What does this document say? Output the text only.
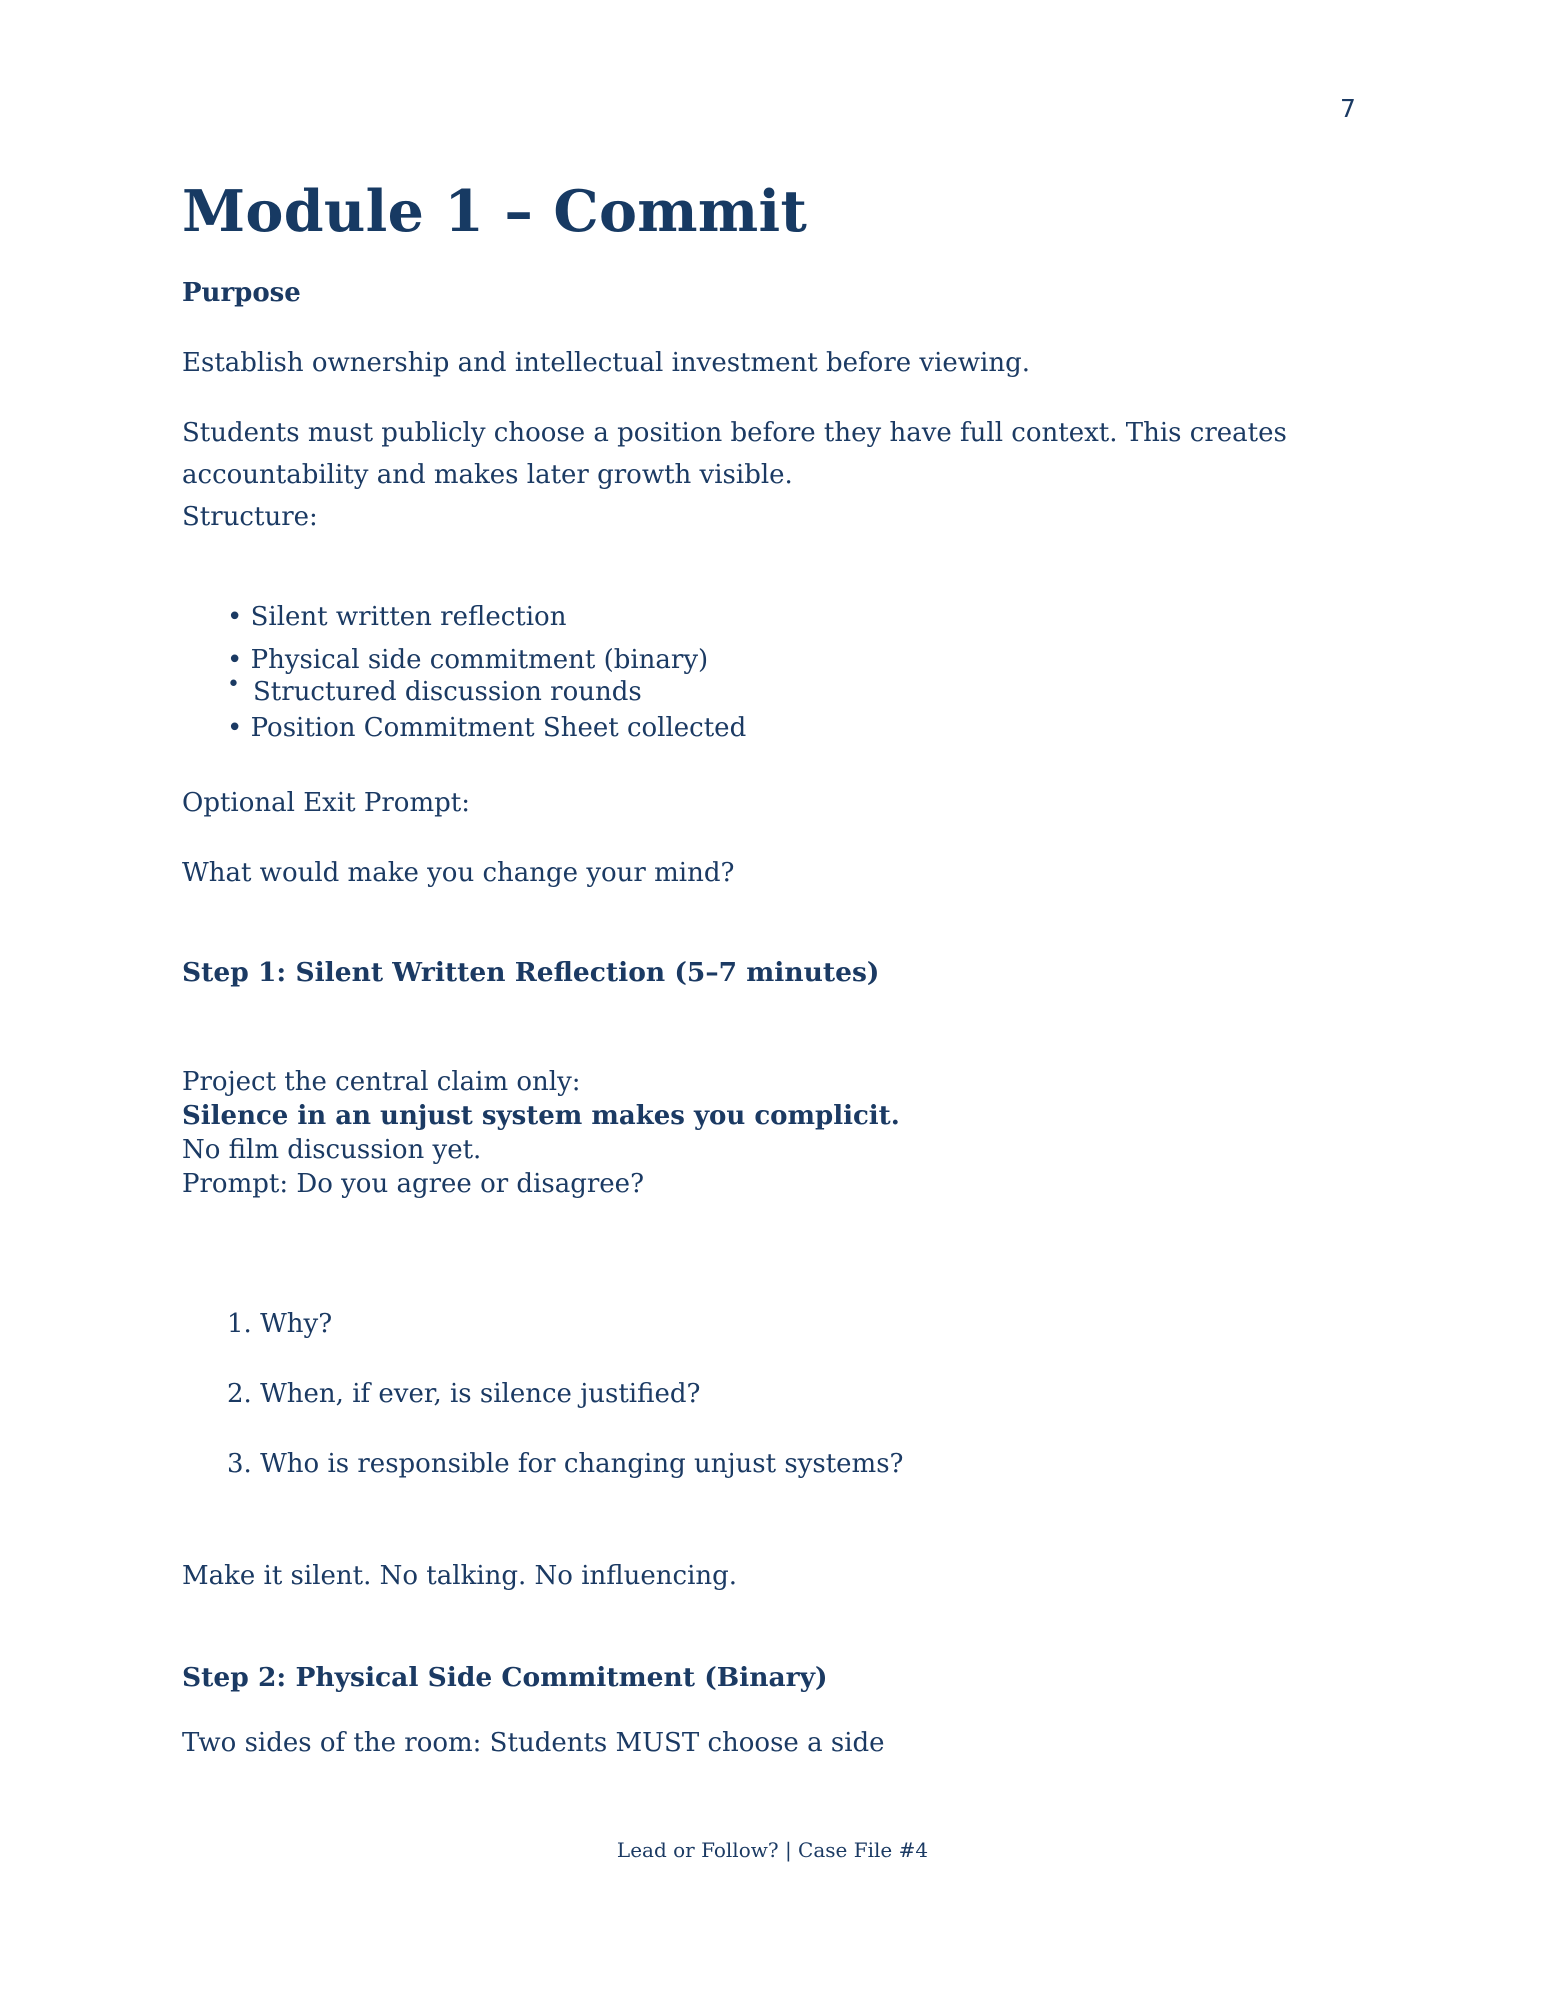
7
Module 1 – Commit
Purpose
Establish ownership and intellectual investment before viewing.
Students must publicly choose a position before they have full context. This creates
accountability and makes later growth visible.
Structure:
• Silent written reflection
• Physical side commitment (binary)
• Structured discussion rounds
• Position Commitment Sheet collected
Optional Exit Prompt:
What would make you change your mind?
Step 1: Silent Written Reflection (5–7 minutes)
Project the central claim only:
Silence in an unjust system makes you complicit.
No film discussion yet.
Prompt: Do you agree or disagree?
1. Why?
2. When, if ever, is silence justified?
3. Who is responsible for changing unjust systems?
Make it silent. No talking. No influencing.
Step 2: Physical Side Commitment (Binary)
Two sides of the room: Students MUST choose a side
Lead or Follow? | Case File #4
